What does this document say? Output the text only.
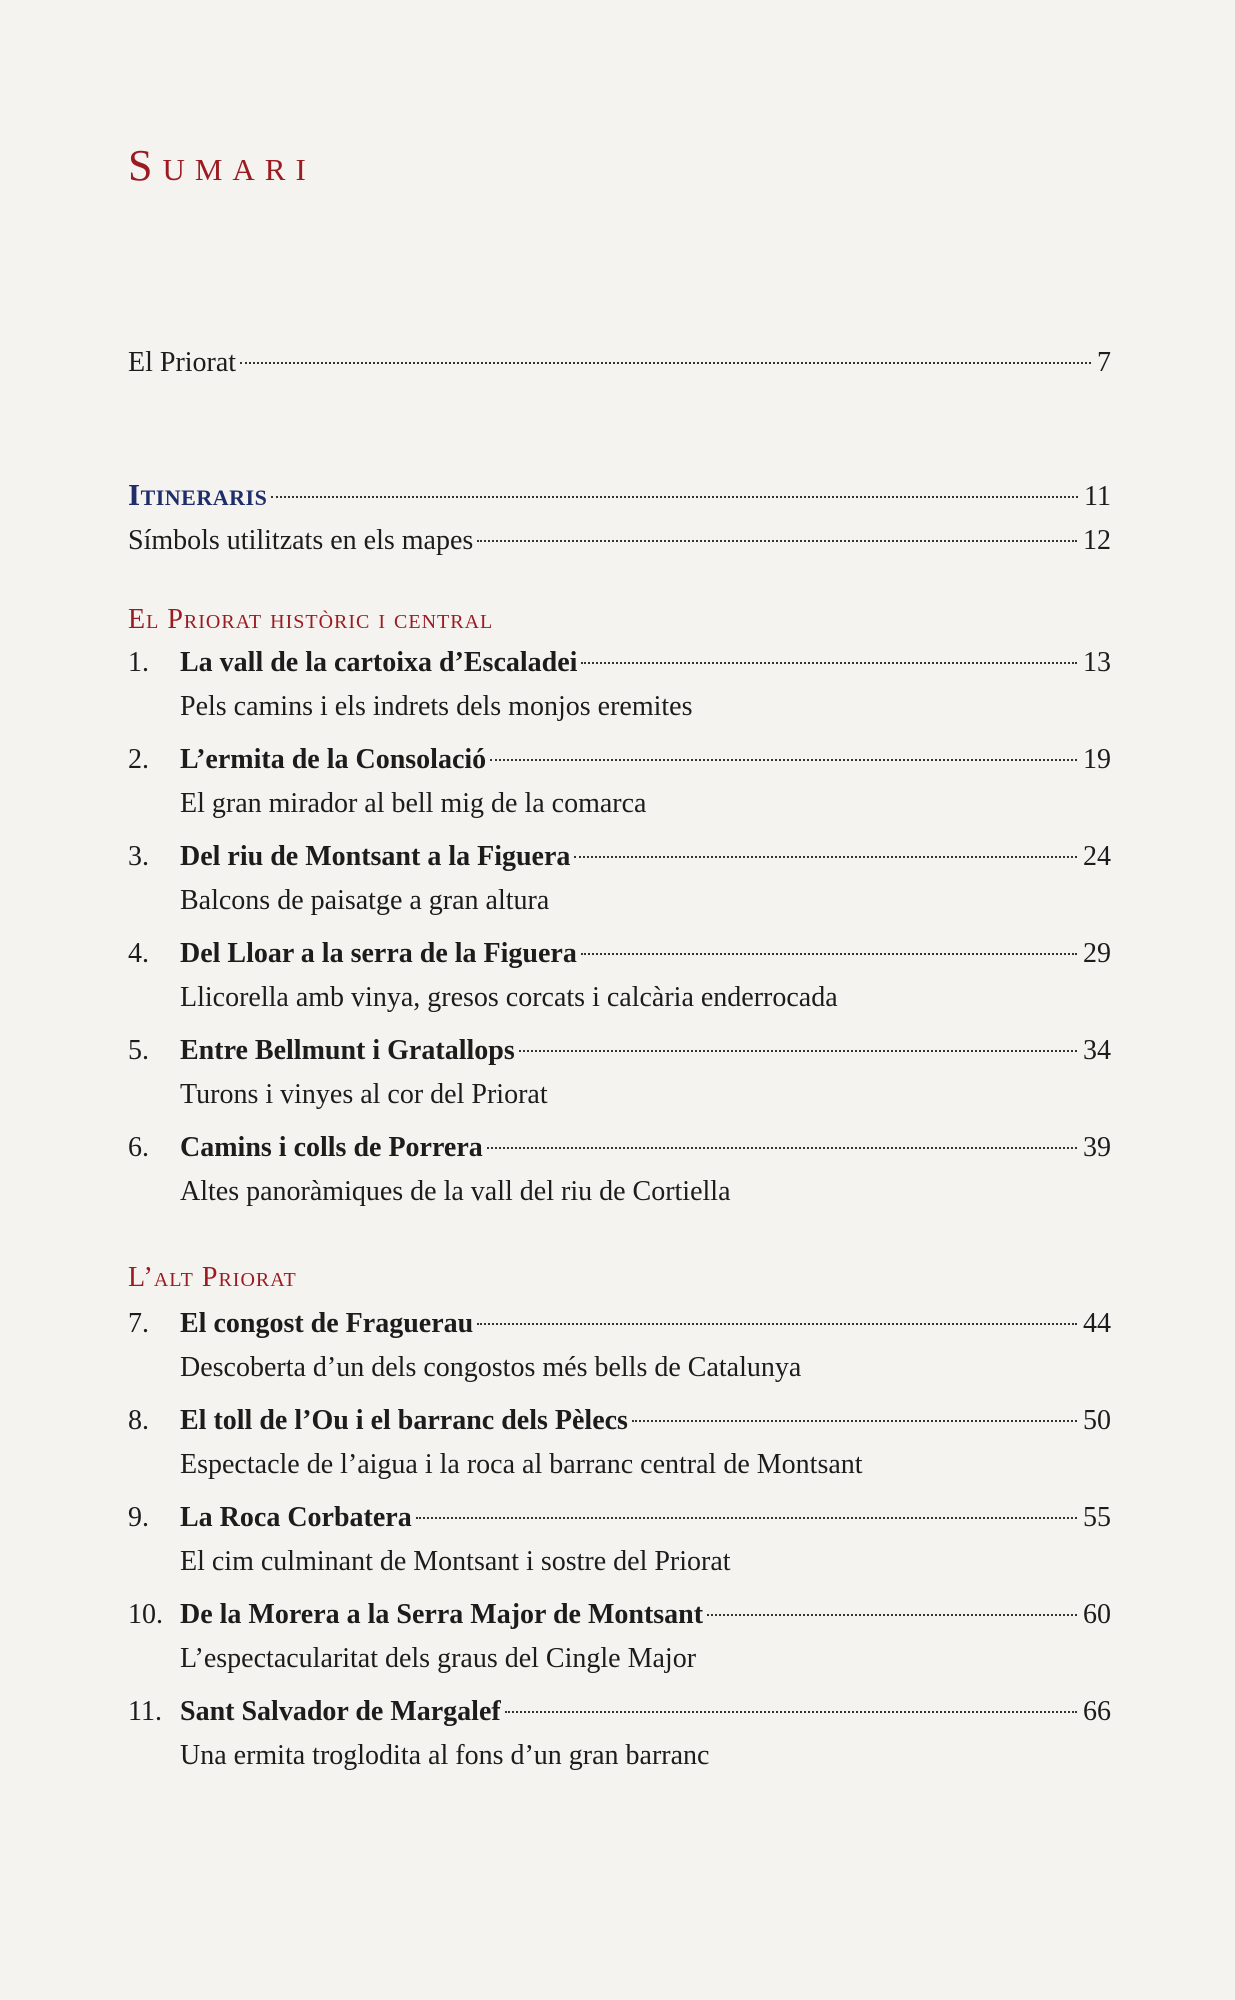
Sumari
El Priorat	7
Itineraris	11
Símbols utilitzats en els mapes	12
El Priorat històric i central
1.	La vall de la cartoixa d’Escaladei	13
Pels camins i els indrets dels monjos eremites
2.	L’ermita de la Consolació	19
El gran mirador al bell mig de la comarca
3.	Del riu de Montsant a la Figuera	24
Balcons de paisatge a gran altura
4.	Del Lloar a la serra de la Figuera	29
Llicorella amb vinya, gresos corcats i calcària enderrocada
5.	Entre Bellmunt i Gratallops	34
Turons i vinyes al cor del Priorat
6.	Camins i colls de Porrera	39
Altes panoràmiques de la vall del riu de Cortiella
L’alt Priorat
7.	El congost de Fraguerau	44
Descoberta d’un dels congostos més bells de Catalunya
8.	El toll de l’Ou i el barranc dels Pèlecs	50
Espectacle de l’aigua i la roca al barranc central de Montsant
9.	La Roca Corbatera	55
El cim culminant de Montsant i sostre del Priorat
10. De la Morera a la Serra Major de Montsant	60
L’espectacularitat dels graus del Cingle Major
11. Sant Salvador de Margalef	66
Una ermita troglodita al fons d’un gran barranc
